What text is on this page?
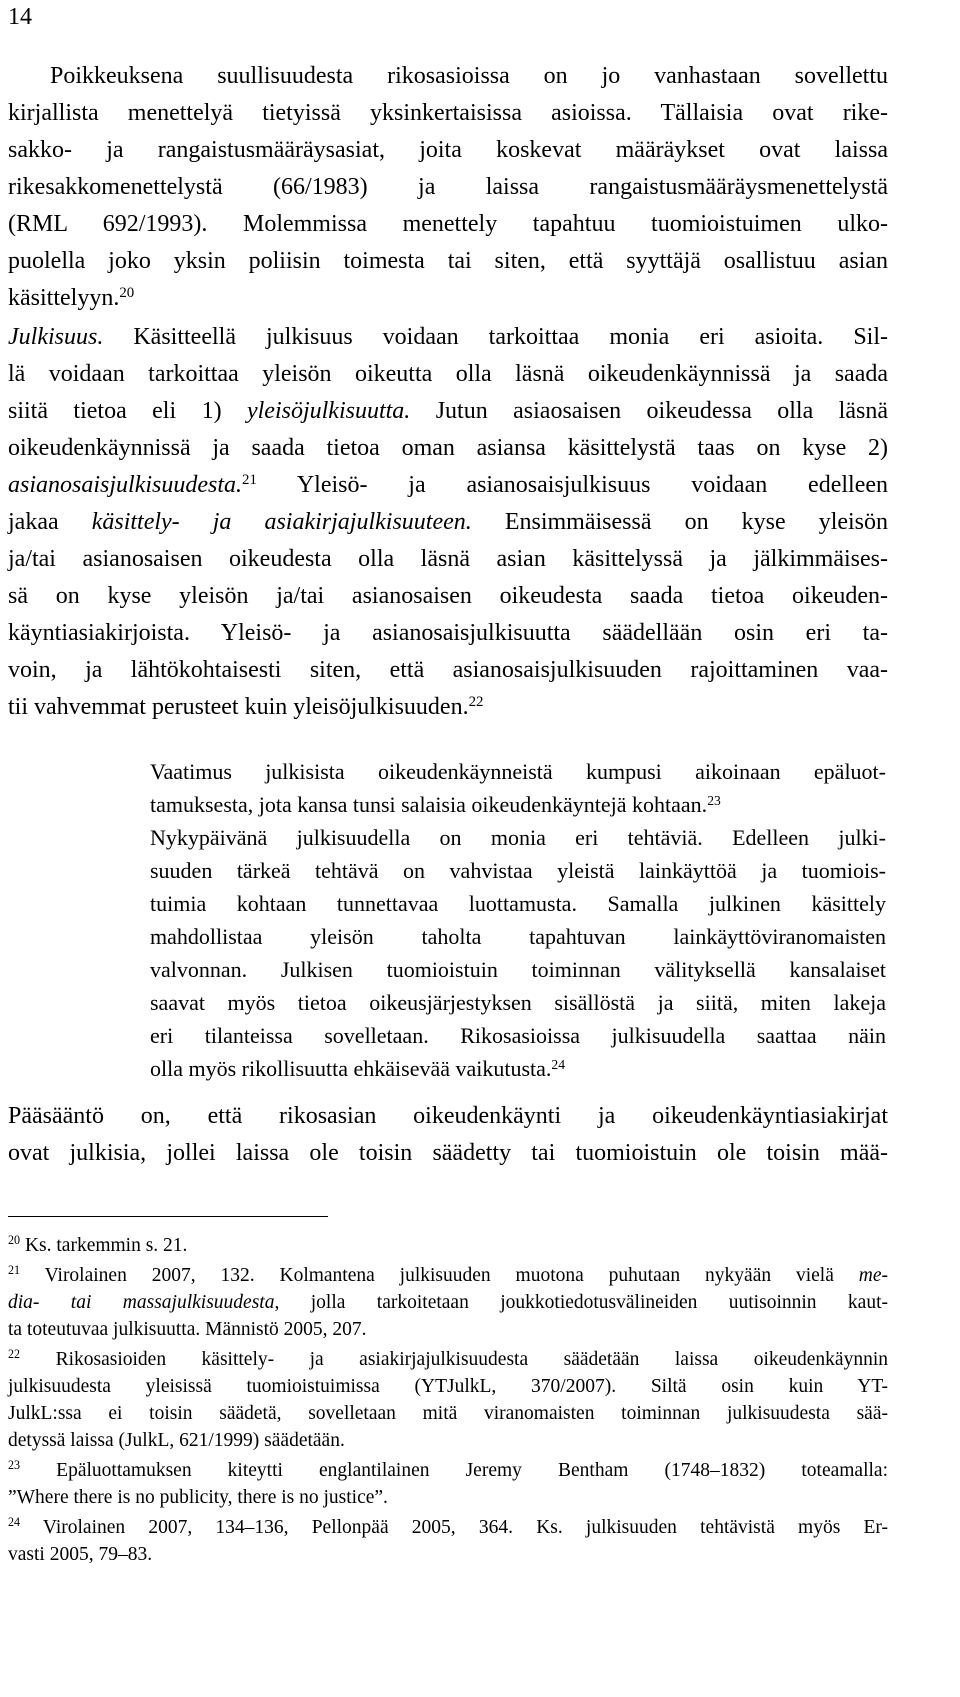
14
Poikkeuksena suullisuudesta rikosasioissa on jo vanhastaan sovellettu
kirjallista menettelyä tietyissä yksinkertaisissa asioissa. Tällaisia ovat rike-
sakko- ja rangaistusmääräysasiat, joita koskevat määräykset ovat laissa
rikesakkomenettelystä (66/1983) ja laissa rangaistusmääräysmenettelystä
(RML 692/1993). Molemmissa menettely tapahtuu tuomioistuimen ulko-
puolella joko yksin poliisin toimesta tai siten, että syyttäjä osallistuu asian
käsittelyyn.$^{20}$
Julkisuus. Käsitteellä julkisuus voidaan tarkoittaa monia eri asioita. Sil-
lä voidaan tarkoittaa yleisön oikeutta olla läsnä oikeudenkäynnissä ja saada
siitä tietoa eli 1) yleisöjulkisuutta. Jutun asiaosaisen oikeudessa olla läsnä
oikeudenkäynnissä ja saada tietoa oman asiansa käsittelystä taas on kyse 2)
asianosaisjulkisuudesta.$^{21}$ Yleisö- ja asianosaisjulkisuus voidaan edelleen
jakaa käsittely- ja asiakirjajulkisuuteen. Ensimmäisessä on kyse yleisön
ja/tai asianosaisen oikeudesta olla läsnä asian käsittelyssä ja jälkimmäises-
sä on kyse yleisön ja/tai asianosaisen oikeudesta saada tietoa oikeuden-
käyntiasiakirjoista. Yleisö- ja asianosaisjulkisuutta säädellään osin eri ta-
voin, ja lähtökohtaisesti siten, että asianosaisjulkisuuden rajoittaminen vaa-
tii vahvemmat perusteet kuin yleisöjulkisuuden.$^{22}$
Vaatimus julkisista oikeudenkäynneistä kumpusi aikoinaan epäluot-
tamuksesta, jota kansa tunsi salaisia oikeudenkäyntejä kohtaan.$^{23}$
Nykypäivänä julkisuudella on monia eri tehtäviä. Edelleen julki-
suuden tärkeä tehtävä on vahvistaa yleistä lainkäyttöä ja tuomiois-
tuimia kohtaan tunnettavaa luottamusta. Samalla julkinen käsittely
mahdollistaa yleisön taholta tapahtuvan lainkäyttöviranomaisten
valvonnan. Julkisen tuomioistuin toiminnan välityksellä kansalaiset
saavat myös tietoa oikeusjärjestyksen sisällöstä ja siitä, miten lakeja
eri tilanteissa sovelletaan. Rikosasioissa julkisuudella saattaa näin
olla myös rikollisuutta ehkäisevää vaikutusta.$^{24}$
Pääsääntö on, että rikosasian oikeudenkäynti ja oikeudenkäyntiasiakirjat
ovat julkisia, jollei laissa ole toisin säädetty tai tuomioistuin ole toisin mää-
$^{20}$ Ks. tarkemmin s. 21.
$^{21}$ Virolainen 2007, 132. Kolmantena julkisuuden muotona puhutaan nykyään vielä me-
dia- tai massajulkisuudesta, jolla tarkoitetaan joukkotiedotusvälineiden uutisoinnin kaut-
ta toteutuvaa julkisuutta. Männistö 2005, 207.
$^{22}$ Rikosasioiden käsittely- ja asiakirjajulkisuudesta säädetään laissa oikeudenkäynnin
julkisuudesta yleisissä tuomioistuimissa (YTJulkL, 370/2007). Siltä osin kuin YT-
JulkL:ssa ei toisin säädetä, sovelletaan mitä viranomaisten toiminnan julkisuudesta sää-
detyssä laissa (JulkL, 621/1999) säädetään.
$^{23}$ Epäluottamuksen kiteytti englantilainen Jeremy Bentham (1748–1832) toteamalla:
”Where there is no publicity, there is no justice”.
$^{24}$ Virolainen 2007, 134–136, Pellonpää 2005, 364. Ks. julkisuuden tehtävistä myös Er-
vasti 2005, 79–83.
